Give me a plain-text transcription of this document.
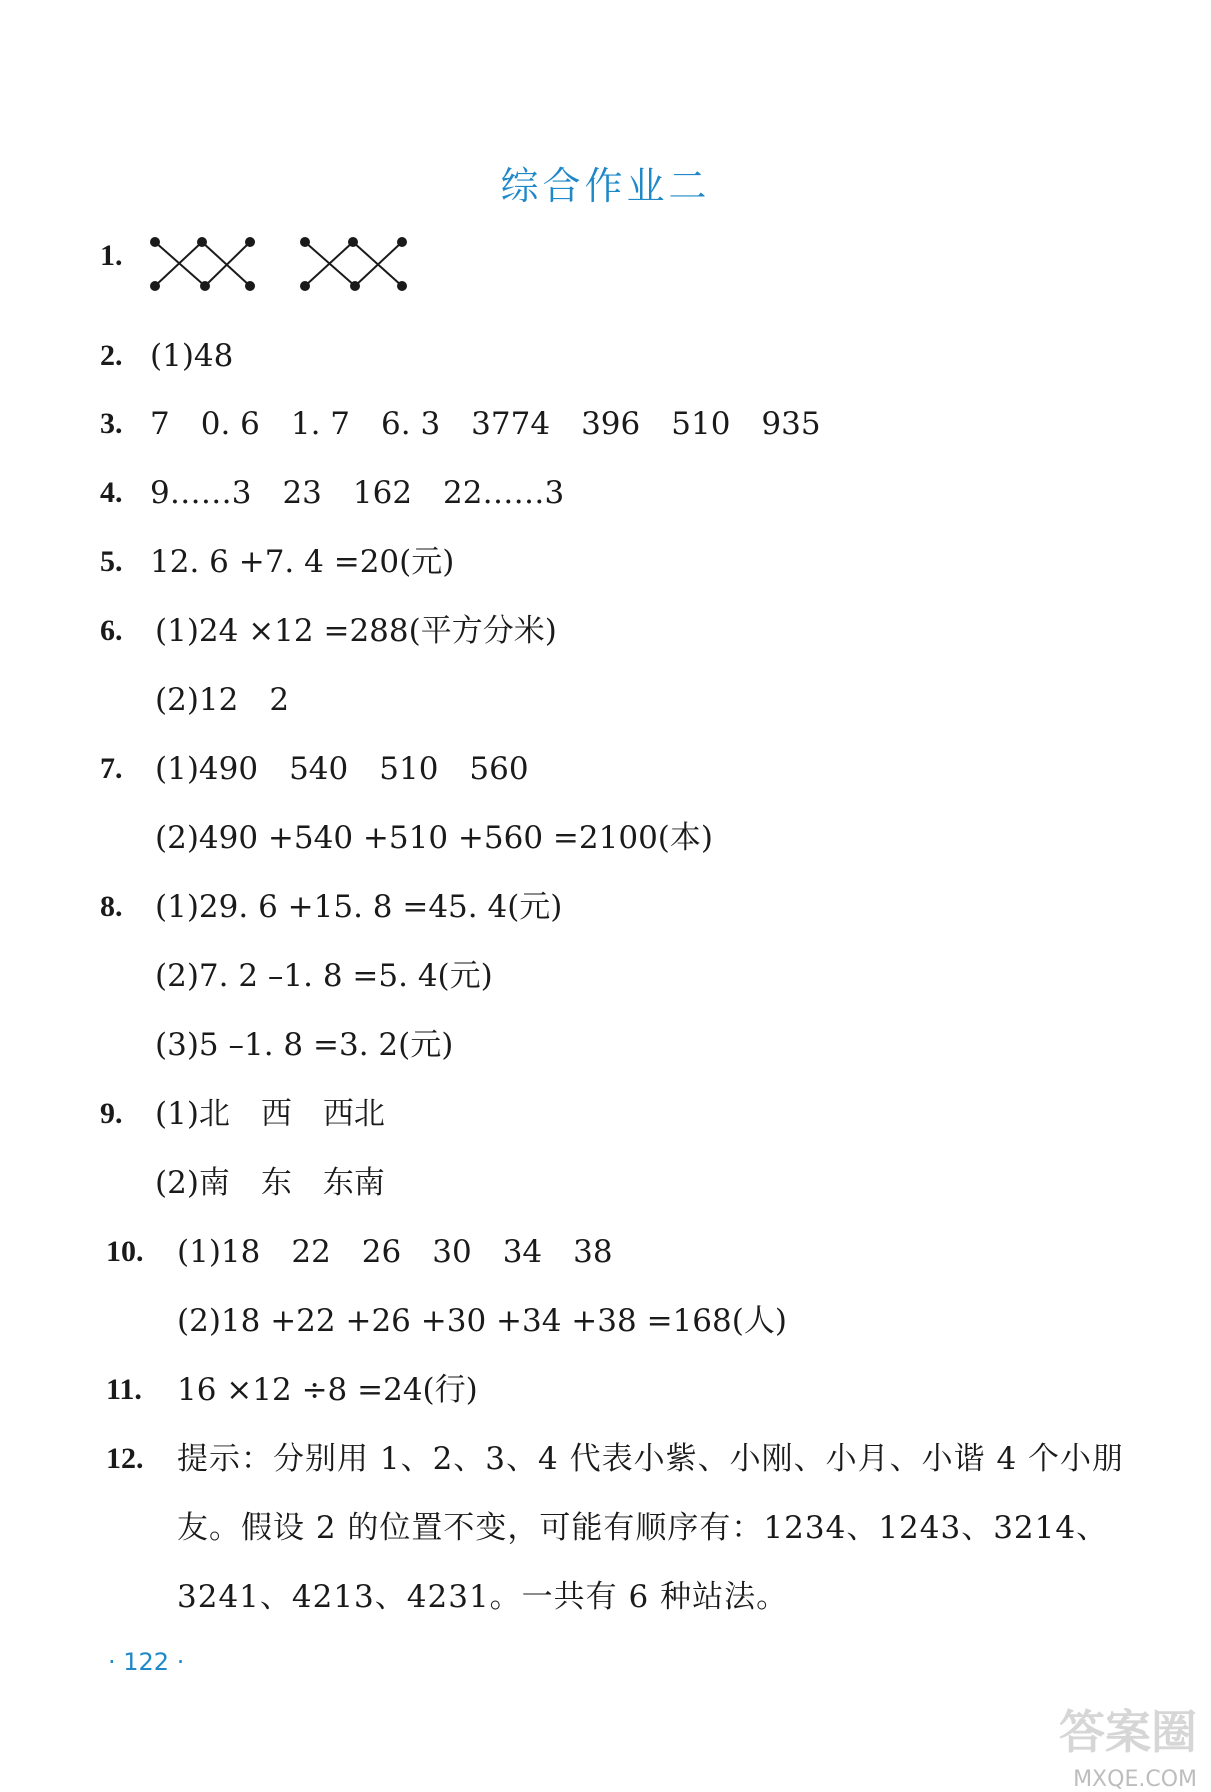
综合作业二
1.
2. (1)48
3. 7　0. 6　1. 7　6. 3　3774　396　510　935
4. 9……3　23　162　22……3
5. 12. 6 +7. 4 =20(元)
6. (1)24 ×12 =288(平方分米)
(2)12　2
7. (1)490　540　510　560
(2)490 +540 +510 +560 =2100(本)
8. (1)29. 6 +15. 8 =45. 4(元)
(2)7. 2 –1. 8 =5. 4(元)
(3)5 –1. 8 =3. 2(元)
9. (1)北　西　西北
(2)南　东　东南
10. (1)18　22　26　30　34　38
(2)18 +22 +26 +30 +34 +38 =168(人)
11. 16 ×12 ÷8 =24(行)
12. 提示：分别用 1、2、3、4 代表小紫、小刚、小月、小谐 4 个小朋
友。假设 2 的位置不变，可能有顺序有：1234、1243、3214、
3241、4213、4231。一共有 6 种站法。
· 122 ·
答案圈
MXQE.COM
